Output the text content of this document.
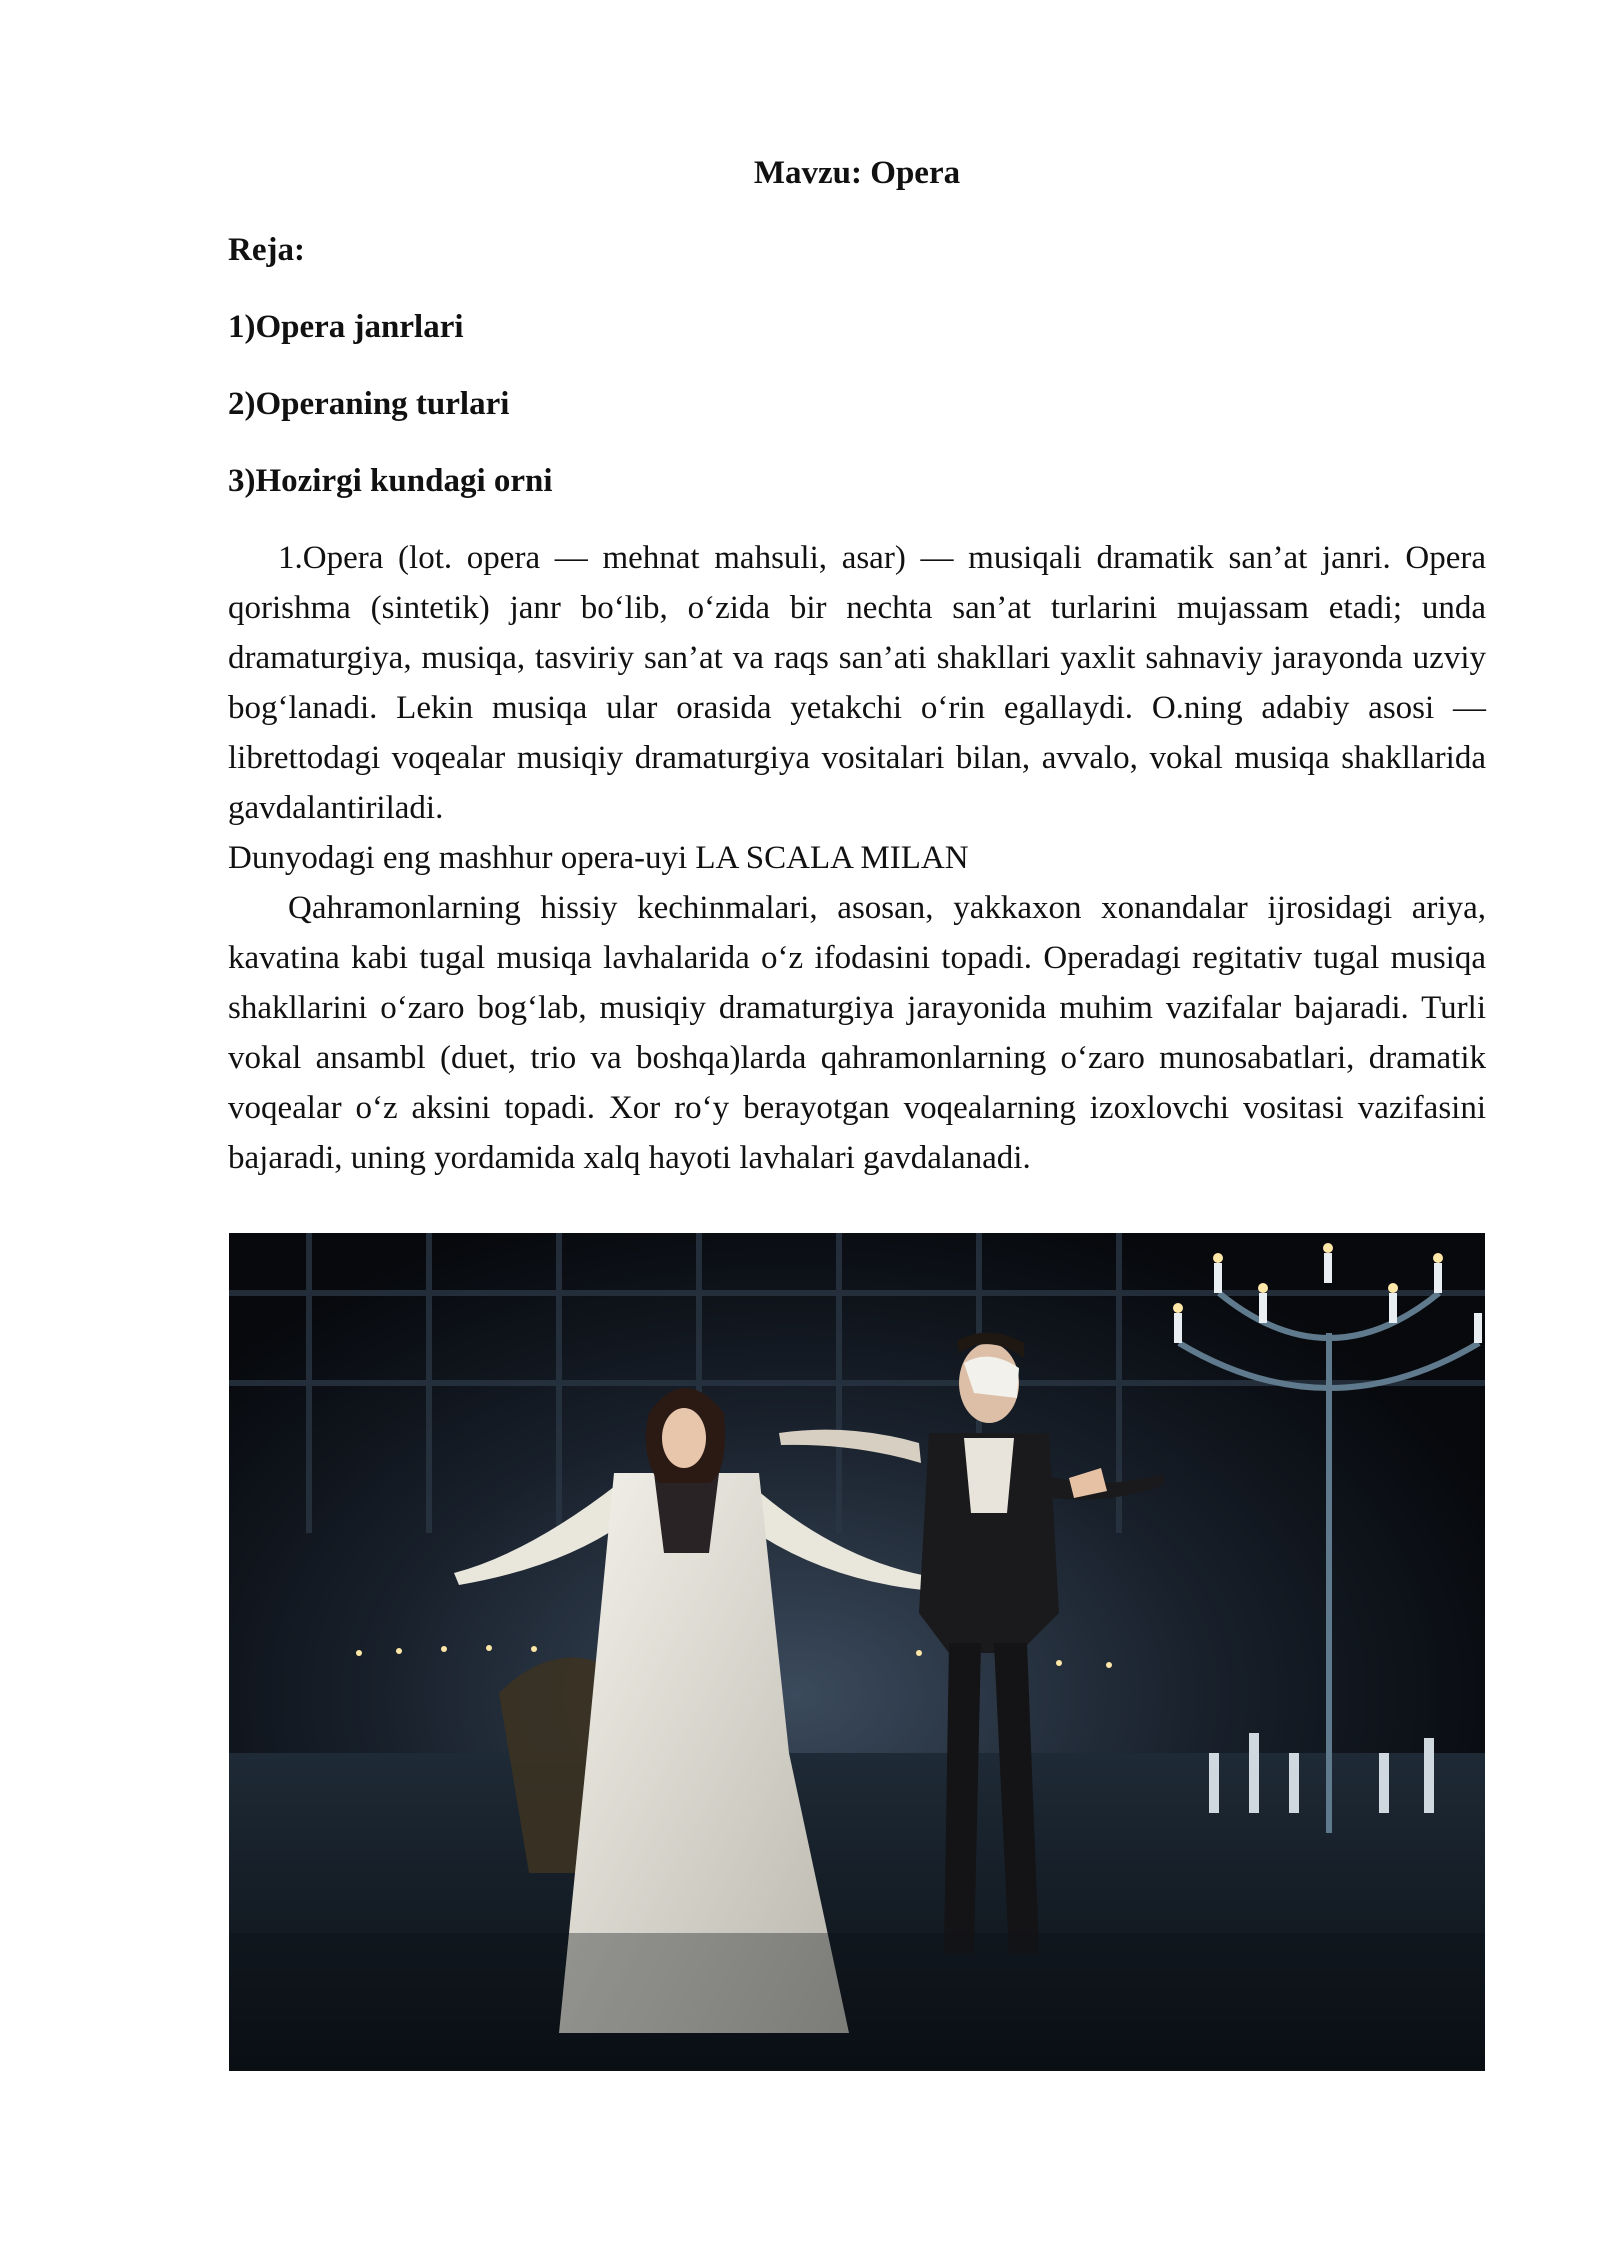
Mavzu: Opera

Reja:

1)Opera janrlari

2)Operaning turlari

3)Hozirgi kundagi orni

1.Opera (lot. opera — mehnat mahsuli, asar) — musiqali dramatik san’at janri. Opera qorishma (sintetik) janr bo‘lib, o‘zida bir nechta san’at turlarini mujassam etadi; unda dramaturgiya, musiqa, tasviriy san’at va raqs san’ati shakllari yaxlit sahnaviy jarayonda uzviy bog‘lanadi. Lekin musiqa ular orasida yetakchi o‘rin egallaydi. O.ning adabiy asosi — librettodagi voqealar musiqiy dramaturgiya vositalari bilan, avvalo, vokal musiqa shakllarida gavdalantiriladi.

Dunyodagi eng mashhur opera-uyi LA SCALA MILAN

Qahramonlarning hissiy kechinmalari, asosan, yakkaxon xonandalar ijrosidagi ariya, kavatina kabi tugal musiqa lavhalarida o‘z ifodasini topadi. Operadagi regitativ tugal musiqa shakllarini o‘zaro bog‘lab, musiqiy dramaturgiya jarayonida muhim vazifalar bajaradi. Turli vokal ansambl (duet, trio va boshqa)larda qahramonlarning o‘zaro munosabatlari, dramatik voqealar o‘z aksini topadi. Xor ro‘y berayotgan voqealarning izoxlovchi vositasi vazifasini bajaradi, uning yordamida xalq hayoti lavhalari gavdalanadi.
